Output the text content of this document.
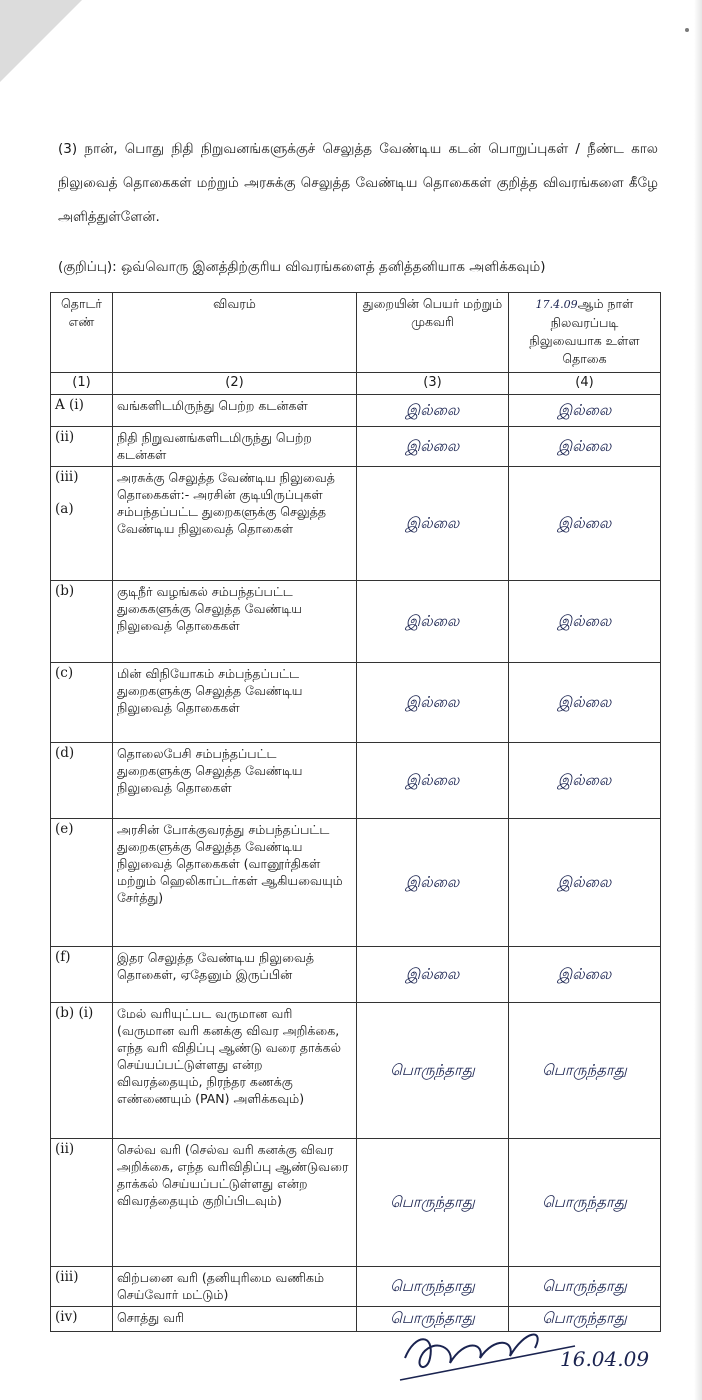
(3) நான், பொது நிதி நிறுவனங்களுக்குச் செலுத்த வேண்டிய கடன் பொறுப்புகள் / நீண்ட கால நிலுவைத் தொகைகள் மற்றும் அரசுக்கு செலுத்த வேண்டிய தொகைகள் குறித்த விவரங்களை கீழே அளித்துள்ளேன்.

(குறிப்பு): ஒவ்வொரு இனத்திற்குரிய விவரங்களைத் தனித்தனியாக அளிக்கவும்)

தொடர் எண்	விவரம்	துறையின் பெயர் மற்றும் முகவரி	17.4.09ஆம் நாள் நிலவரப்படி நிலுவையாக உள்ள தொகை
(1)	(2)	(3)	(4)
A (i)	வங்களிடமிருந்து பெற்ற கடன்கள்	இல்லை	இல்லை
(ii)	நிதி நிறுவனங்களிடமிருந்து பெற்ற கடன்கள்	இல்லை	இல்லை
(iii)

(a)	அரசுக்கு செலுத்த வேண்டிய நிலுவைத் தொகைகள்:- அரசின் குடியிருப்புகள் சம்பந்தப்பட்ட துறைகளுக்கு செலுத்த வேண்டிய நிலுவைத் தொகைள்	இல்லை	இல்லை
(b)	குடிநீர் வழங்கல் சம்பந்தப்பட்ட துகைகளுக்கு செலுத்த வேண்டிய நிலுவைத் தொகைகள்	இல்லை	இல்லை
(c)	மின் விநியோகம் சம்பந்தப்பட்ட துறைகளுக்கு செலுத்த வேண்டிய நிலுவைத் தொகைகள்	இல்லை	இல்லை
(d)	தொலைபேசி சம்பந்தப்பட்ட துறைகளுக்கு செலுத்த வேண்டிய நிலுவைத் தொகைள்	இல்லை	இல்லை
(e)	அரசின் போக்குவரத்து சம்பந்தப்பட்ட துறைகளுக்கு செலுத்த வேண்டிய நிலுவைத் தொகைகள் (வானூர்திகள் மற்றும் ஹெலிகாப்டர்கள் ஆகியவையும் சேர்த்து)	இல்லை	இல்லை
(f)	இதர செலுத்த வேண்டிய நிலுவைத் தொகைள், ஏதேனும் இருப்பின்	இல்லை	இல்லை
(b) (i)	மேல் வரியுட்பட வருமான வரி (வருமான வரி கனக்கு விவர அறிக்கை, எந்த வரி விதிப்பு ஆண்டு வரை தாக்கல் செய்யப்பட்டுள்ளது என்ற விவரத்தையும், நிரந்தர கணக்கு எண்ணையும் (PAN) அளிக்கவும்)	பொருந்தாது	பொருந்தாது
(ii)	செல்வ வரி (செல்வ வரி கனக்கு விவர அறிக்கை, எந்த வரிவிதிப்பு ஆண்டுவரை தாக்கல் செய்யப்பட்டுள்ளது என்ற விவரத்தையும் குறிப்பிடவும்)	பொருந்தாது	பொருந்தாது
(iii)	விற்பனை வரி (தனியுரிமை வணிகம் செய்வோர் மட்டும்)	பொருந்தாது	பொருந்தாது
(iv)	சொத்து வரி	பொருந்தாது	பொருந்தாது
16.04.09
